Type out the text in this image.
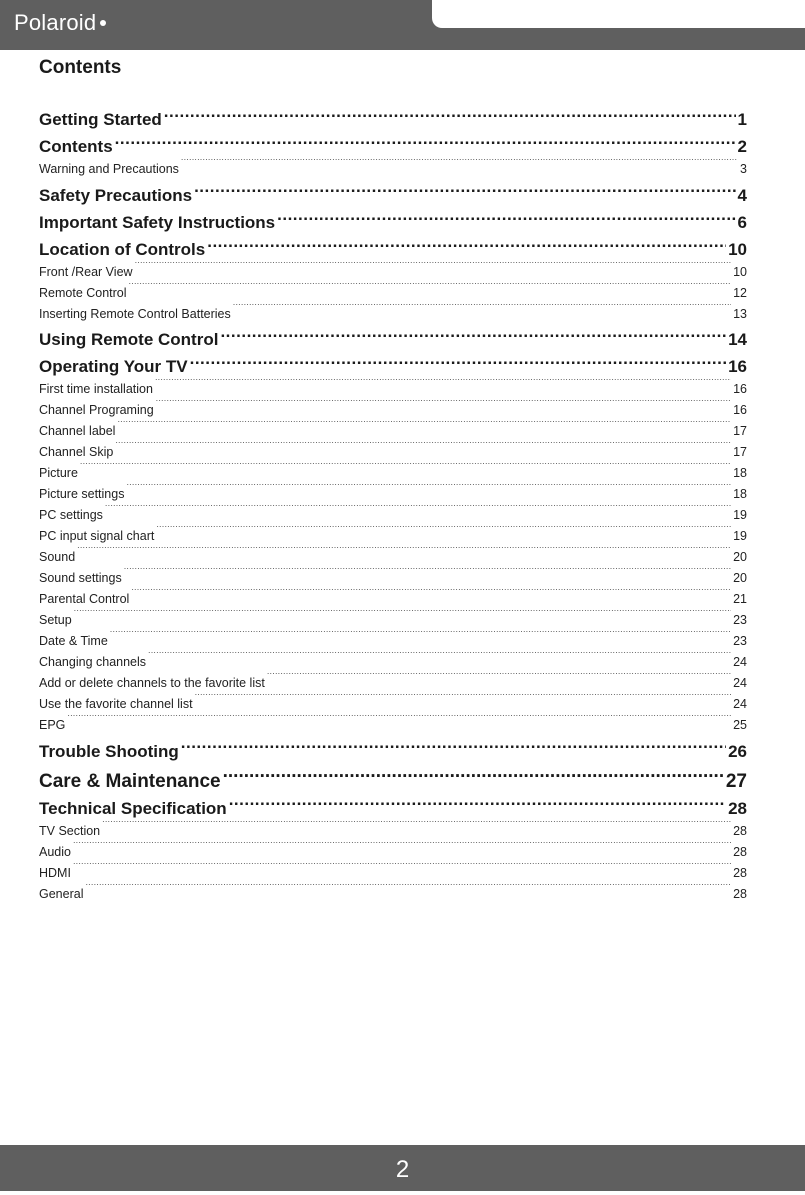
Polaroid
Contents
Getting Started .....	1
Contents .....	2
Warning and Precautions .....	3
Safety Precautions .....	4
Important Safety Instructions .....	6
Location of Controls .....	10
Front /Rear View .....	10
Remote Control .....	12
Inserting Remote Control Batteries .....	13
Using Remote Control .....	14
Operating Your TV .....	16
First time installation .....	16
Channel Programing .....	16
Channel label .....	17
Channel Skip .....	17
Picture .....	18
Picture settings .....	18
PC settings .....	19
PC input signal chart .....	19
Sound .....	20
Sound settings .....	20
Parental Control .....	21
Setup .....	23
Date & Time .....	23
Changing channels .....	24
Add or delete channels to the favorite list .....	24
Use the favorite channel list .....	24
EPG .....	25
Trouble Shooting .....	26
Care & Maintenance .....	27
Technical Specification .....	28
TV Section .....	28
Audio .....	28
HDMI .....	28
General .....	28
2
